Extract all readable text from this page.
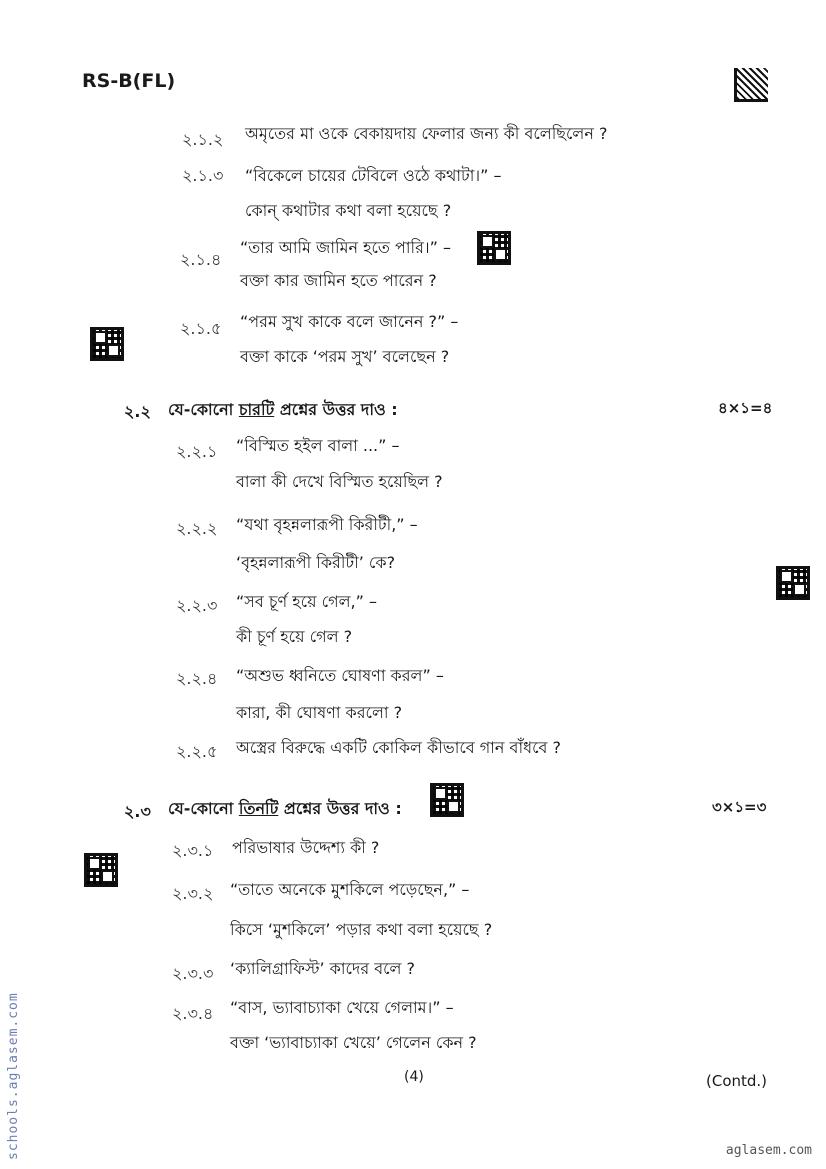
RS-B(FL)
২.১.২ অমৃতের মা ওকে বেকায়দায় ফেলার জন্য কী বলেছিলেন ?
২.১.৩ “বিকেলে চায়ের টেবিলে ওঠে কথাটা।” –
কোন্ কথাটার কথা বলা হয়েছে ?
২.১.৪
“তার আমি জামিন হতে পারি।” –
বক্তা কার জামিন হতে পারেন ?
২.১.৫ “পরম সুখ কাকে বলে জানেন ?” –
বক্তা কাকে ‘পরম সুখ’ বলেছেন ?
২.২ যে-কোনো চারটি প্রশ্নের উত্তর দাও :	৪×১=৪
২.২.১ “বিস্মিত হইল বালা ...” –
বালা কী দেখে বিস্মিত হয়েছিল ?
২.২.২ “যথা বৃহন্নলারূপী কিরীটী,” –
‘বৃহন্নলারূপী কিরীটী’ কে?
২.২.৩ “সব চূর্ণ হয়ে গেল,” –
কী চূর্ণ হয়ে গেল ?
২.২.৪ “অশুভ ধ্বনিতে ঘোষণা করল” –
কারা, কী ঘোষণা করলো ?
২.২.৫ অস্ত্রের বিরুদ্ধে একটি কোকিল কীভাবে গান বাঁধবে ?
২.৩ যে-কোনো তিনটি প্রশ্নের উত্তর দাও :	৩×১=৩
২.৩.১ পরিভাষার উদ্দেশ্য কী ?
২.৩.২ “তাতে অনেকে মুশকিলে পড়েছেন,” –
কিসে ‘মুশকিলে’ পড়ার কথা বলা হয়েছে ?
২.৩.৩ ‘ক্যালিগ্রাফিস্ট’ কাদের বলে ?
২.৩.৪ “বাস, ভ্যাবাচ্যাকা খেয়ে গেলাম।” –
বক্তা ‘ভ্যাবাচ্যাকা খেয়ে’ গেলেন কেন ?
(4)	(Contd.)
schools.aglasem.com	aglasem.com
